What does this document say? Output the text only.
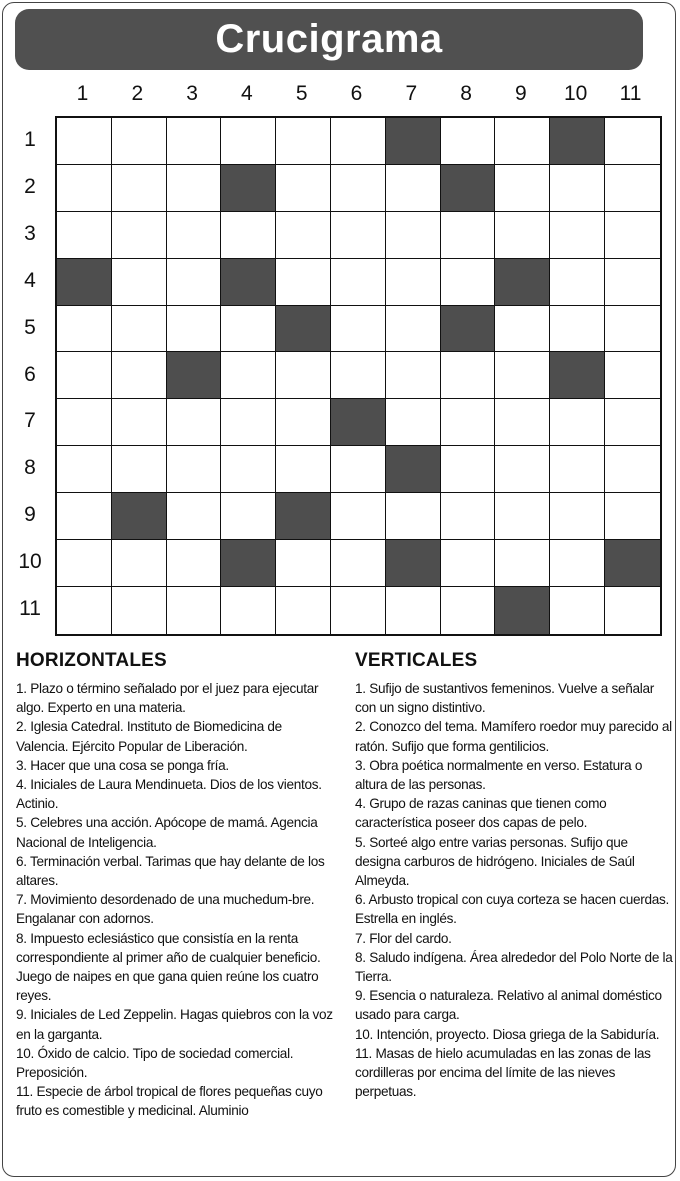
Crucigrama
1	2	3	4	5	6	7	8	9	10	11
1
2
3
4
5
6
7
8
9
10
11
HORIZONTALES

1. Plazo o término señalado por el juez para ejecutar algo. Experto en una materia.

2. Iglesia Catedral. Instituto de Biomedicina de Valencia. Ejército Popular de Liberación.

3. Hacer que una cosa se ponga fría.

4. Iniciales de Laura Mendinueta. Dios de los vientos. Actinio.

5. Celebres una acción. Apócope de mamá. Agencia Nacional de Inteligencia.

6. Terminación verbal. Tarimas que hay delante de los altares.

7. Movimiento desordenado de una muchedum-bre. Engalanar con adornos.

8. Impuesto eclesiástico que consistía en la renta correspondiente al primer año de cualquier beneficio. Juego de naipes en que gana quien reúne los cuatro reyes.

9. Iniciales de Led Zeppelin. Hagas quiebros con la voz en la garganta.

10. Óxido de calcio. Tipo de sociedad comercial. Preposición.

11. Especie de árbol tropical de flores pequeñas cuyo fruto es comestible y medicinal. Aluminio

VERTICALES

1. Sufijo de sustantivos femeninos. Vuelve a señalar con un signo distintivo.

2. Conozco del tema. Mamífero roedor muy parecido al ratón. Sufijo que forma gentilicios.

3. Obra poética normalmente en verso. Estatura o altura de las personas.

4. Grupo de razas caninas que tienen como característica poseer dos capas de pelo.

5. Sorteé algo entre varias personas. Sufijo que designa carburos de hidrógeno. Iniciales de Saúl Almeyda.

6. Arbusto tropical con cuya corteza se hacen cuerdas. Estrella en inglés.

7. Flor del cardo.

8. Saludo indígena. Área alrededor del Polo Norte de la Tierra.

9. Esencia o naturaleza. Relativo al animal doméstico usado para carga.

10. Intención, proyecto. Diosa griega de la Sabiduría.

11. Masas de hielo acumuladas en las zonas de las cordilleras por encima del límite de las nieves perpetuas.
